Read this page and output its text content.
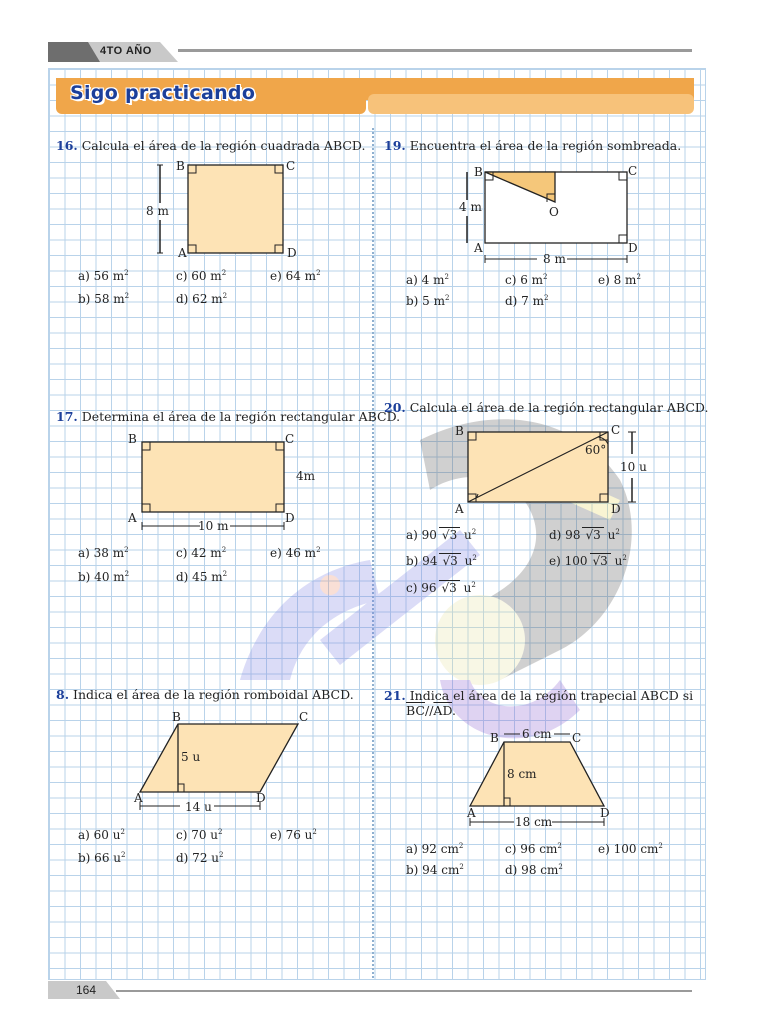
4TO AÑO
Sigo practicando
16. Calcula el área de la región cuadrada ABCD.
B	C
A	D
8 m
a) 56 $m^2$	c) 60 $m^2$	e) 64 $m^2$
b) 58 $m^2$	d) 62 $m^2$
17. Determina el área de la región rectangular ABCD.
B	C
A	D
4m
10 m
a) 38 $m^2$	c) 42 $m^2$	e) 46 $m^2$
b) 40 $m^2$	d) 45 $m^2$
8. Indica el área de la región romboidal ABCD.
B	C
A	D
5 u
14 u
a) 60 $u^2$	c) 70 $u^2$	e) 76 $u^2$
b) 66 $u^2$	d) 72 $u^2$
19. Encuentra el área de la región sombreada.
B	C
A	D
O
4 m
8 m
a) 4 $m^2$	c) 6 $m^2$	e) 8 $m^2$
b) 5 $m^2$	d) 7 $m^2$
20. Calcula el área de la región rectangular ABCD.
B	C
A	D
60°
10 u
a) 90 √3 $u^2$	d) 98 √3 $u^2$
b) 94 √3 $u^2$	e) 100 √3 $u^2$
c) 96 √3 $u^2$
21. Indica el área de la región trapecial ABCD si
$\overline{BC}//\overline{AD}$.
B	C
A	D
6 cm
8 cm
18 cm
a) 92 $cm^2$	c) 96 $cm^2$	e) 100 $cm^2$
b) 94 $cm^2$	d) 98 $cm^2$
164
